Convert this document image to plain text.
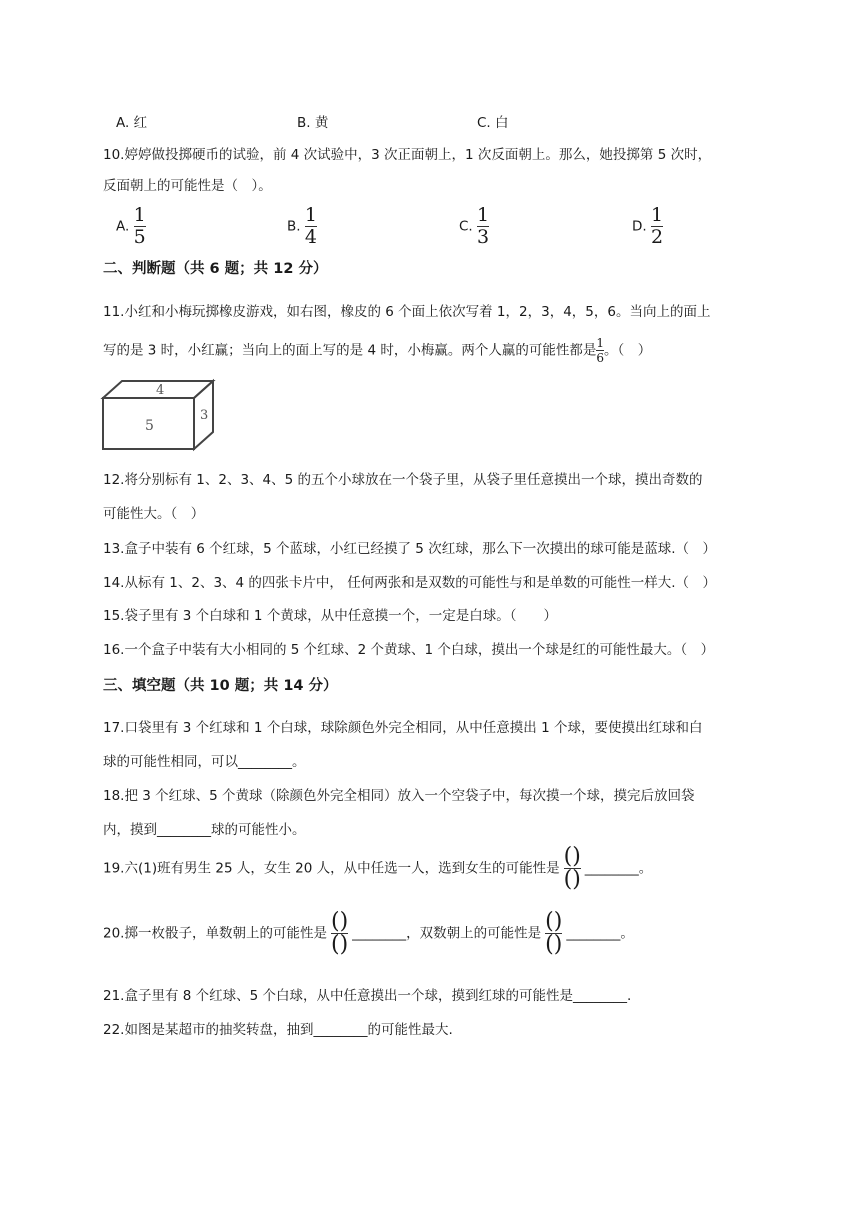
A. 红	B. 黄	C. 白
10.婷婷做投掷硬币的试验，前 4 次试验中，3 次正面朝上，1 次反面朝上。那么，她投掷第 5 次时，
反面朝上的可能性是（　）。
A. $\frac{1}{5}$	B. $\frac{1}{4}$	C. $\frac{1}{3}$	D. $\frac{1}{2}$
二、判断题（共 6 题；共 12 分）
11.小红和小梅玩掷橡皮游戏，如右图，橡皮的 6 个面上依次写着 1，2，3，4，5，6。当向上的面上
写的是 3 时，小红赢；当向上的面上写的是 4 时，小梅赢。两个人赢的可能性都是 $\frac{1}{6}$ 。（　）
4
5
3
12.将分别标有 1、2、3、4、5 的五个小球放在一个袋子里，从袋子里任意摸出一个球，摸出奇数的
可能性大。（　）
13.盒子中装有 6 个红球，5 个蓝球，小红已经摸了 5 次红球，那么下一次摸出的球可能是蓝球.（　）
14.从标有 1、2、3、4 的四张卡片中， 任何两张和是双数的可能性与和是单数的可能性一样大.（　）
15.袋子里有 3 个白球和 1 个黄球，从中任意摸一个，一定是白球。（　　）
16.一个盒子中装有大小相同的 5 个红球、2 个黄球、1 个白球，摸出一个球是红的可能性最大。（　）
三、填空题（共 10 题；共 14 分）
17.口袋里有 3 个红球和 1 个白球，球除颜色外完全相同，从中任意摸出 1 个球，要使摸出红球和白
球的可能性相同，可以________。
18.把 3 个红球、5 个黄球（除颜色外完全相同）放入一个空袋子中，每次摸一个球，摸完后放回袋
内，摸到________球的可能性小。
19.六(1)班有男生 25 人，女生 20 人，从中任选一人，选到女生的可能性是 ()
() ________。
20.掷一枚骰子，单数朝上的可能性是 ()
() ________，双数朝上的可能性是 ()
() ________。
21.盒子里有 8 个红球、5 个白球，从中任意摸出一个球，摸到红球的可能性是________.
22.如图是某超市的抽奖转盘，抽到________的可能性最大.
